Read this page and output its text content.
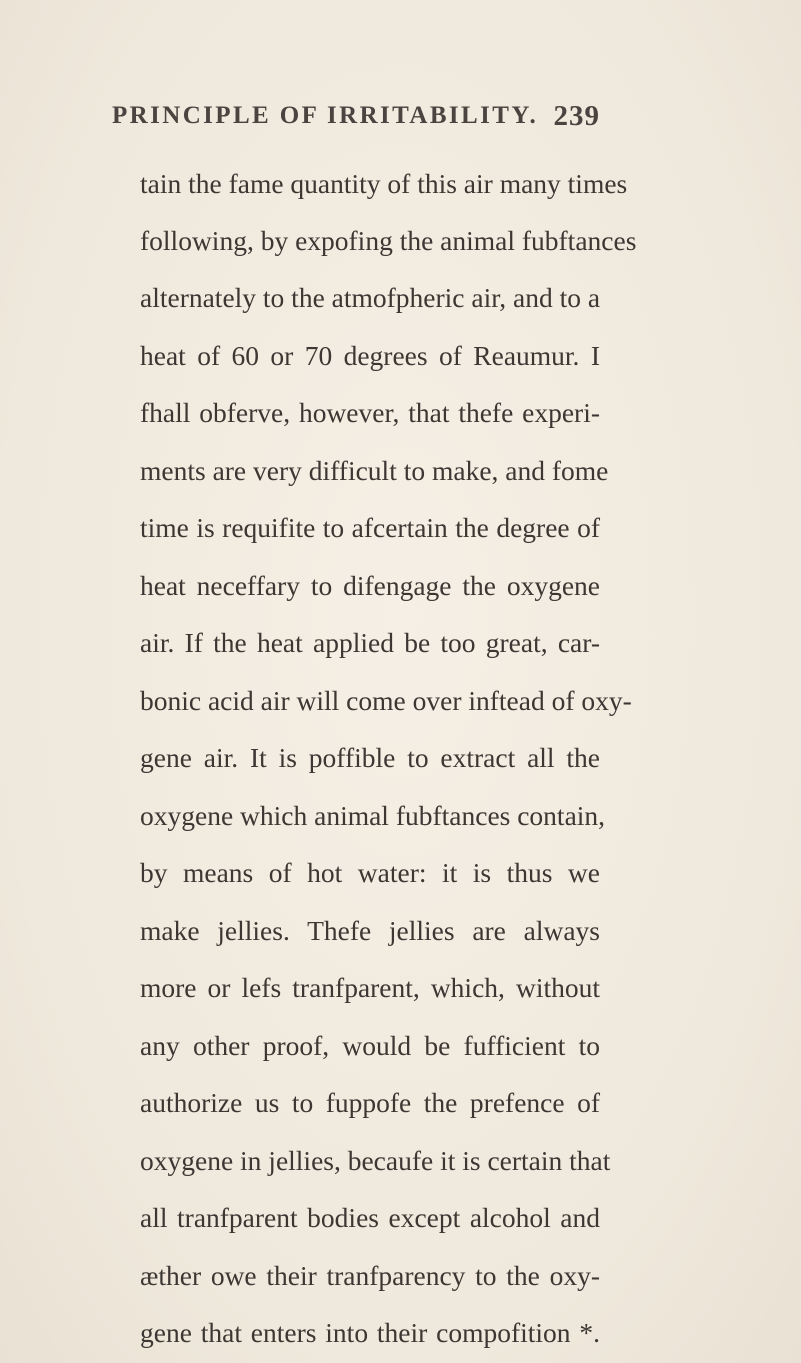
PRINCIPLE OF IRRITABILITY. 239
tain the fame quantity of this air many times
following, by expofing the animal fubftances
alternately to the atmofpheric air, and to a
heat of 60 or 70 degrees of Reaumur. I
fhall obferve, however, that thefe experi-
ments are very difficult to make, and fome
time is requifite to afcertain the degree of
heat neceffary to difengage the oxygene
air. If the heat applied be too great, car-
bonic acid air will come over inftead of oxy-
gene air. It is poffible to extract all the
oxygene which animal fubftances contain,
by means of hot water: it is thus we
make jellies. Thefe jellies are always
more or lefs tranfparent, which, without
any other proof, would be fufficient to
authorize us to fuppofe the prefence of
oxygene in jellies, becaufe it is certain that
all tranfparent bodies except alcohol and
æther owe their tranfparency to the oxy-
gene that enters into their compofition *.
